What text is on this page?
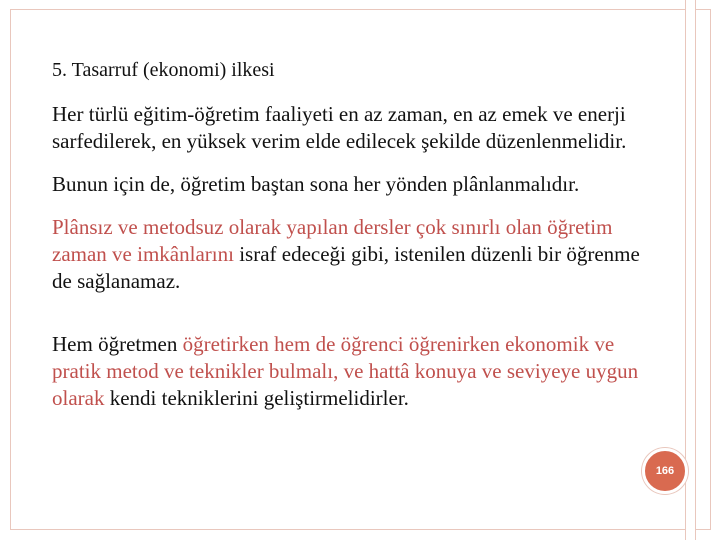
5. Tasarruf (ekonomi) ilkesi

Her türlü eğitim-öğretim faaliyeti en az zaman, en az emek ve enerji sarfedilerek, en yüksek verim elde edilecek şekilde düzenlenmelidir.

Bunun için de, öğretim baştan sona her yönden plânlanmalıdır.

Plânsız ve metodsuz olarak yapılan dersler çok sınırlı olan öğretim zaman ve imkânlarını israf edeceği gibi, istenilen düzenli bir öğrenme de sağlanamaz.

Hem öğretmen öğretirken hem de öğrenci öğrenirken ekonomik ve pratik metod ve teknikler bulmalı, ve hattâ konuya ve seviyeye uygun olarak kendi tekniklerini geliştirmelidirler.

166
